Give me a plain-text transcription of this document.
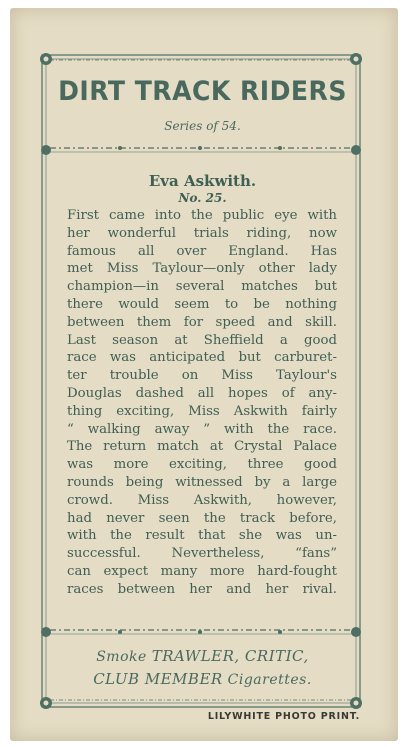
DIRT TRACK RIDERS
Series of 54.
Eva Askwith.
No. 25.
First came into the public eye with
her wonderful trials riding, now
famous all over England. Has
met Miss Taylour—only other lady
champion—in several matches but
there would seem to be nothing
between them for speed and skill.
Last season at Sheffield a good
race was anticipated but carburet-
ter trouble on Miss Taylour's
Douglas dashed all hopes of any-
thing exciting, Miss Askwith fairly
“ walking away ” with the race.
The return match at Crystal Palace
was more exciting, three good
rounds being witnessed by a large
crowd. Miss Askwith, however,
had never seen the track before,
with the result that she was un-
successful. Nevertheless, “fans”
can expect many more hard-fought
races between her and her rival.
Smoke TRAWLER, CRITIC,
CLUB MEMBER Cigarettes.
LILYWHITE PHOTO PRINT.
